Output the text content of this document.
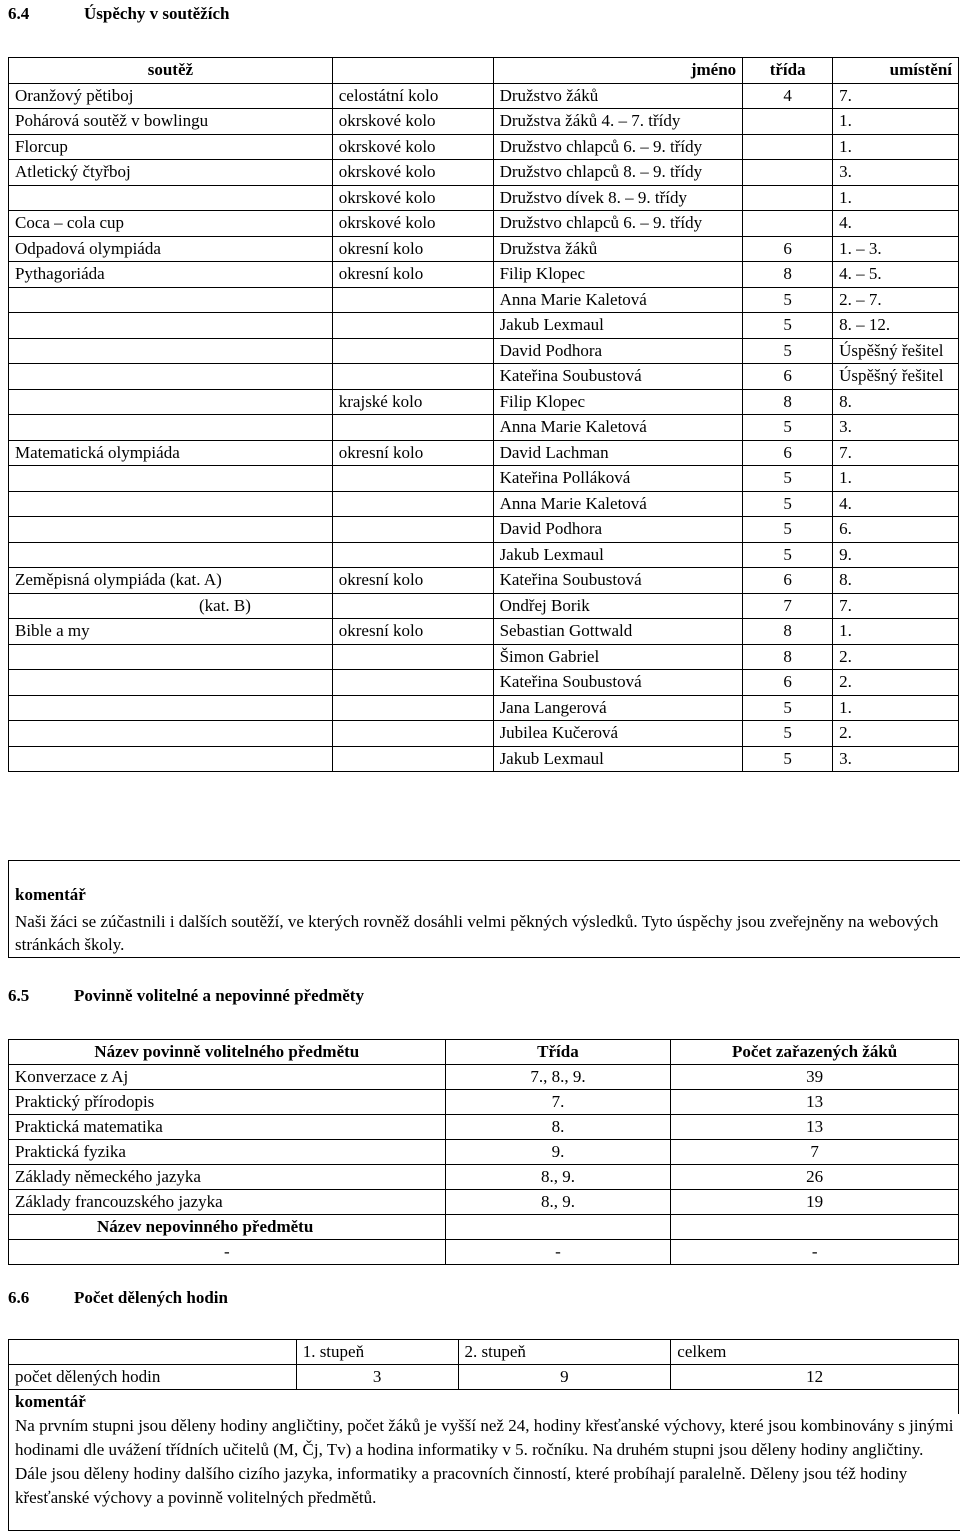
6.4	Úspěchy v soutěžích
soutěž		jméno	třída	umístění
Oranžový pětiboj	celostátní kolo	Družstvo žáků	4	7.
Pohárová soutěž v bowlingu	okrskové kolo	Družstva žáků 4. – 7. třídy		1.
Florcup	okrskové kolo	Družstvo chlapců 6. – 9. třídy		1.
Atletický čtyřboj	okrskové kolo	Družstvo chlapců 8. – 9. třídy		3.
	okrskové kolo	Družstvo dívek 8. – 9. třídy		1.
Coca – cola cup	okrskové kolo	Družstvo chlapců 6. – 9. třídy		4.
Odpadová olympiáda	okresní kolo	Družstva žáků	6	1. – 3.
Pythagoriáda	okresní kolo	Filip Klopec	8	4. – 5.
		Anna Marie Kaletová	5	2. – 7.
		Jakub Lexmaul	5	8. – 12.
		David Podhora	5	Úspěšný řešitel
		Kateřina Soubustová	6	Úspěšný řešitel
	krajské kolo	Filip Klopec	8	8.
		Anna Marie Kaletová	5	3.
Matematická olympiáda	okresní kolo	David Lachman	6	7.
		Kateřina Polláková	5	1.
		Anna Marie Kaletová	5	4.
		David Podhora	5	6.
		Jakub Lexmaul	5	9.
Zeměpisná olympiáda (kat. A)	okresní kolo	Kateřina Soubustová	6	8.
(kat. B)		Ondřej Borik	7	7.
Bible a my	okresní kolo	Sebastian Gottwald	8	1.
		Šimon Gabriel	8	2.
		Kateřina Soubustová	6	2.
		Jana Langerová	5	1.
		Jubilea Kučerová	5	2.
		Jakub Lexmaul	5	3.
komentář
Naši žáci se zúčastnili i dalších soutěží, ve kterých rovněž dosáhli velmi pěkných výsledků. Tyto úspěchy jsou zveřejněny na webových stránkách školy.
6.5	Povinně volitelné a nepovinné předměty
Název povinně volitelného předmětu	Třída	Počet zařazených žáků
Konverzace z Aj	7., 8., 9.	39
Praktický přírodopis	7.	13
Praktická matematika	8.	13
Praktická fyzika	9.	7
Základy německého jazyka	8., 9.	26
Základy francouzského jazyka	8., 9.	19
Název nepovinného předmětu		
-	-	-
6.6	Počet dělených hodin
	1. stupeň	2. stupeň	celkem
počet dělených hodin	3	9	12
komentář			
Na prvním stupni jsou děleny hodiny angličtiny, počet žáků je vyšší než 24, hodiny křesťanské výchovy, které jsou kombinovány s jinými hodinami dle uvážení třídních učitelů (M, Čj, Tv) a hodina informatiky v 5. ročníku. Na druhém stupni jsou děleny hodiny angličtiny. Dále jsou děleny hodiny dalšího cizího jazyka, informatiky a pracovních činností, které probíhají paralelně. Děleny jsou též hodiny křesťanské výchovy a povinně volitelných předmětů.
